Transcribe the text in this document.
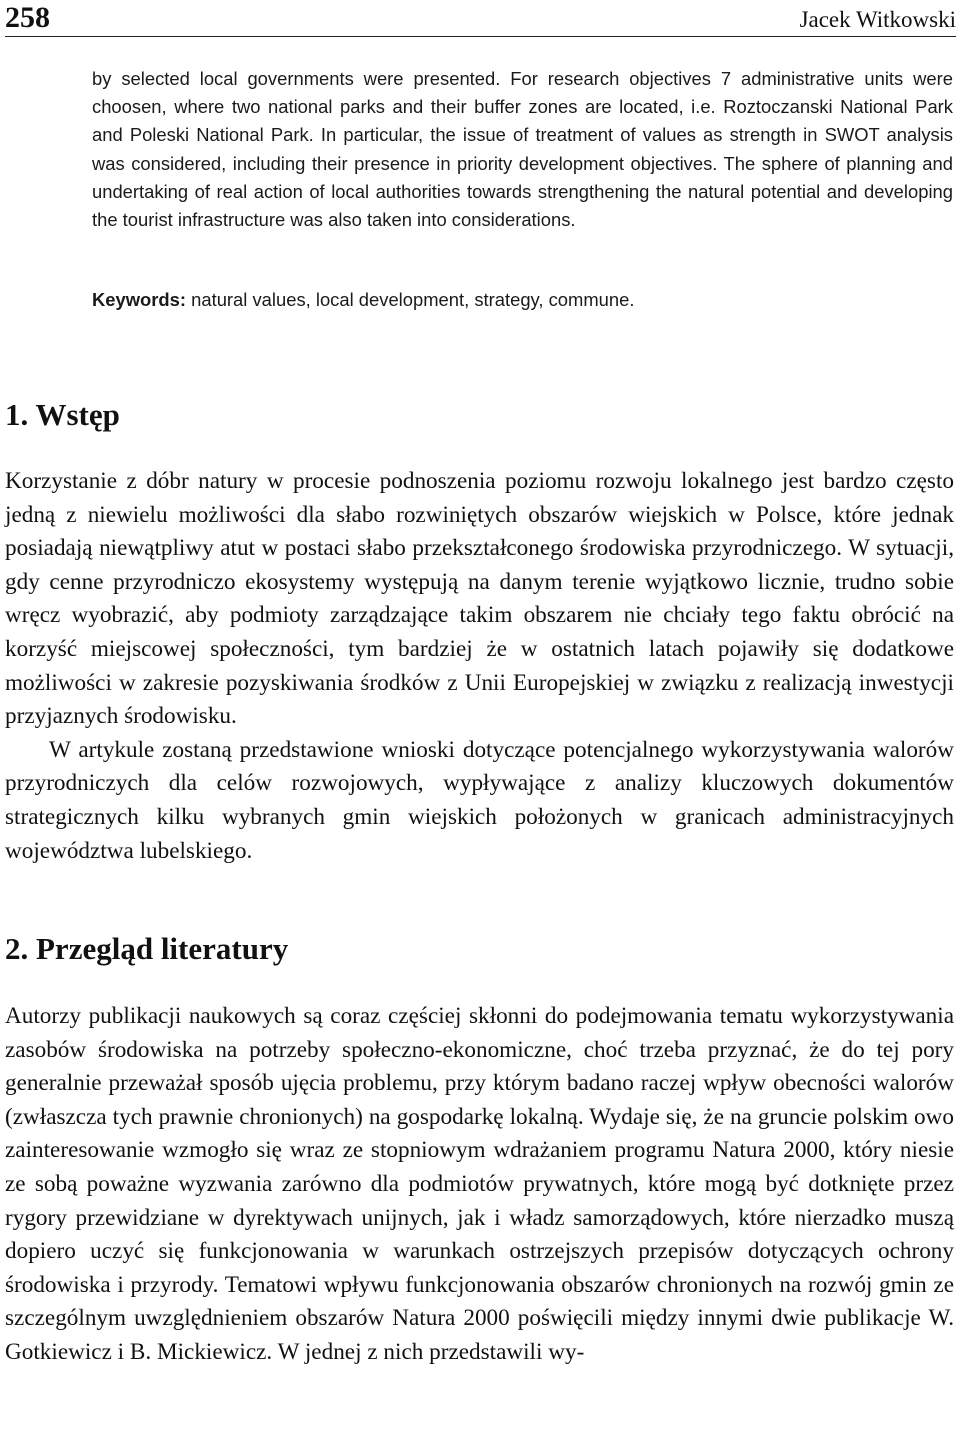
258	Jacek Witkowski

by selected local governments were presented. For research objectives 7 administrative units were choosen, where two national parks and their buffer zones are located, i.e. Roztoczanski National Park and Poleski National Park. In particular, the issue of treatment of values as strength in SWOT analysis was considered, including their presence in priority development objectives. The sphere of planning and undertaking of real action of local authorities towards strengthening the natural potential and developing the tourist infrastructure was also taken into considerations.

Keywords: natural values, local development, strategy, commune.
1. Wstęp

Korzystanie z dóbr natury w procesie podnoszenia poziomu rozwoju lokalnego jest bardzo często jedną z niewielu możliwości dla słabo rozwiniętych obszarów wiejskich w Polsce, które jednak posiadają niewątpliwy atut w postaci słabo przekształconego środowiska przyrodniczego. W sytuacji, gdy cenne przyrodniczo ekosystemy występują na danym terenie wyjątkowo licznie, trudno sobie wręcz wyobrazić, aby podmioty zarządzające takim obszarem nie chciały tego faktu obrócić na korzyść miejscowej społeczności, tym bardziej że w ostatnich latach pojawiły się dodatkowe możliwości w zakresie pozyskiwania środków z Unii Europejskiej w związku z realizacją inwestycji przyjaznych środowisku.

W artykule zostaną przedstawione wnioski dotyczące potencjalnego wykorzystywania walorów przyrodniczych dla celów rozwojowych, wypływające z analizy kluczowych dokumentów strategicznych kilku wybranych gmin wiejskich położonych w granicach administracyjnych województwa lubelskiego.

2. Przegląd literatury

Autorzy publikacji naukowych są coraz częściej skłonni do podejmowania tematu wykorzystywania zasobów środowiska na potrzeby społeczno-ekonomiczne, choć trzeba przyznać, że do tej pory generalnie przeważał sposób ujęcia problemu, przy którym badano raczej wpływ obecności walorów (zwłaszcza tych prawnie chronionych) na gospodarkę lokalną. Wydaje się, że na gruncie polskim owo zainteresowanie wzmogło się wraz ze stopniowym wdrażaniem programu Natura 2000, który niesie ze sobą poważne wyzwania zarówno dla podmiotów prywatnych, które mogą być dotknięte przez rygory przewidziane w dyrektywach unijnych, jak i władz samorządowych, które nierzadko muszą dopiero uczyć się funkcjonowania w warunkach ostrzejszych przepisów dotyczących ochrony środowiska i przyrody. Tematowi wpływu funkcjonowania obszarów chronionych na rozwój gmin ze szczególnym uwzględnieniem obszarów Natura 2000 poświęcili między innymi dwie publikacje W. Gotkiewicz i B. Mickiewicz. W jednej z nich przedstawili wy-
